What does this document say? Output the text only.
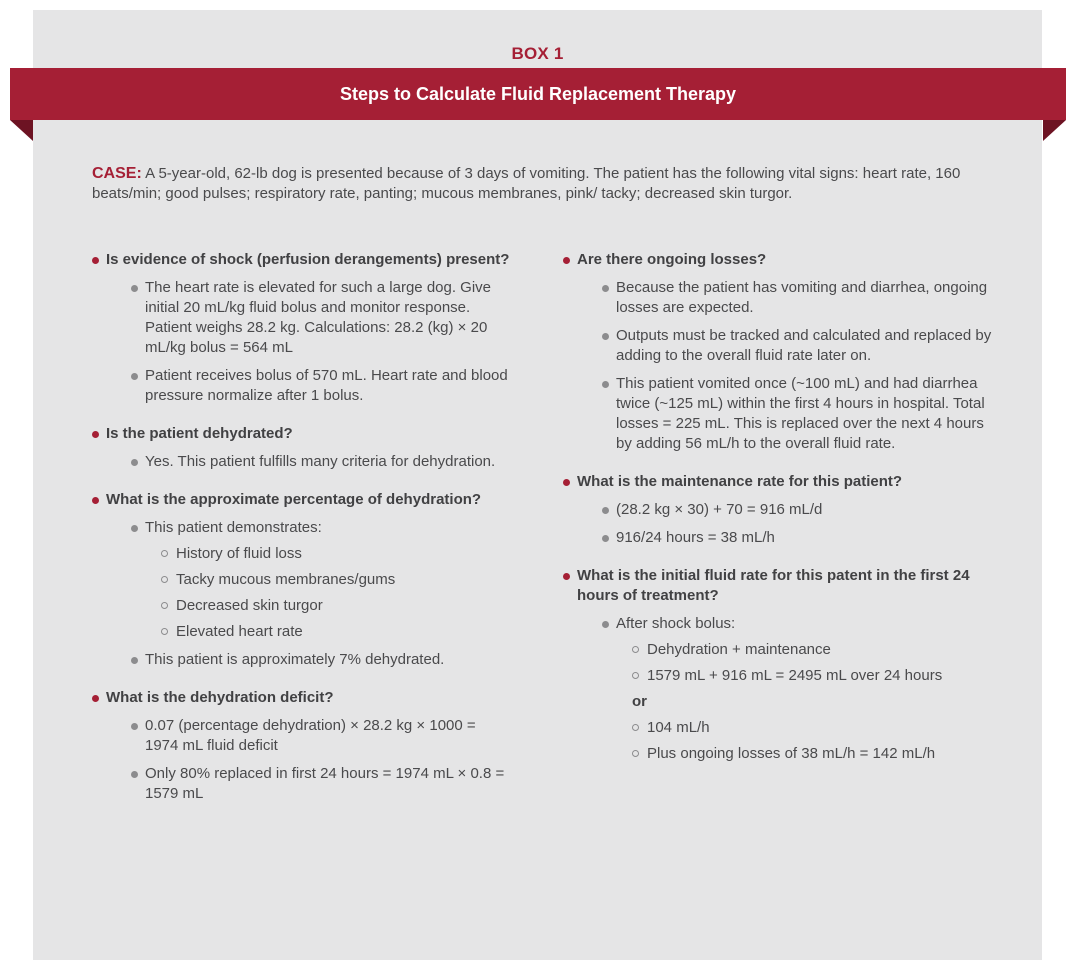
BOX 1
Steps to Calculate Fluid Replacement Therapy
CASE: A 5-year-old, 62-lb dog is presented because of 3 days of vomiting. The patient has the following vital signs: heart rate, 160 beats/min; good pulses; respiratory rate, panting; mucous membranes, pink/ tacky; decreased skin turgor.
Is evidence of shock (perfusion derangements) present?
The heart rate is elevated for such a large dog. Give initial 20 mL/kg fluid bolus and monitor response. Patient weighs 28.2 kg. Calculations: 28.2 (kg) × 20 mL/kg bolus = 564 mL
Patient receives bolus of 570 mL. Heart rate and blood pressure normalize after 1 bolus.
Is the patient dehydrated?
Yes. This patient fulfills many criteria for dehydration.
What is the approximate percentage of dehydration?
This patient demonstrates:
History of fluid loss
Tacky mucous membranes/gums
Decreased skin turgor
Elevated heart rate
This patient is approximately 7% dehydrated.
What is the dehydration deficit?
0.07 (percentage dehydration) × 28.2 kg × 1000 = 1974 mL fluid deficit
Only 80% replaced in first 24 hours = 1974 mL × 0.8 = 1579 mL
Are there ongoing losses?
Because the patient has vomiting and diarrhea, ongoing losses are expected.
Outputs must be tracked and calculated and replaced by adding to the overall fluid rate later on.
This patient vomited once (~100 mL) and had diarrhea twice (~125 mL) within the first 4 hours in hospital. Total losses = 225 mL. This is replaced over the next 4 hours by adding 56 mL/h to the overall fluid rate.
What is the maintenance rate for this patient?
(28.2 kg × 30) + 70 = 916 mL/d
916/24 hours = 38 mL/h
What is the initial fluid rate for this patent in the first 24 hours of treatment?
After shock bolus:
Dehydration + maintenance
1579 mL + 916 mL = 2495 mL over 24 hours
or
104 mL/h
Plus ongoing losses of 38 mL/h = 142 mL/h
